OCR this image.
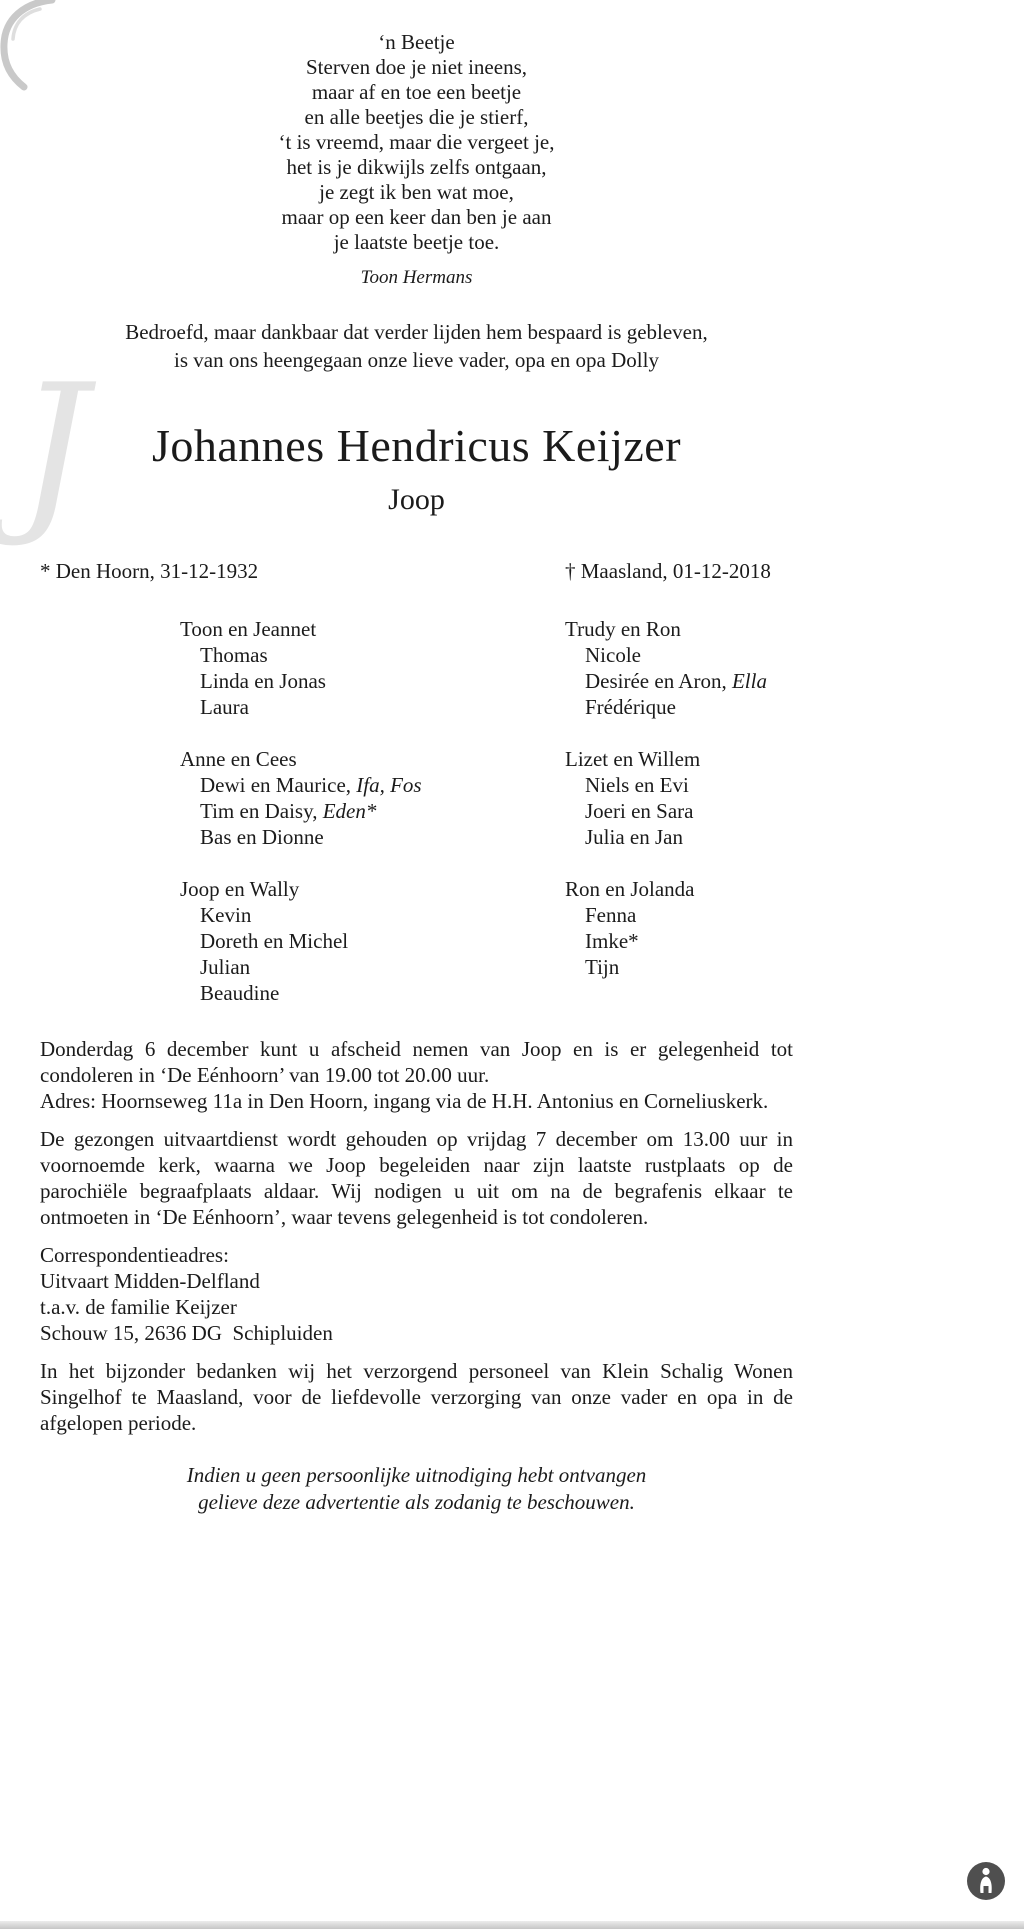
‘n Beetje
Sterven doe je niet ineens,
maar af en toe een beetje
en alle beetjes die je stierf,
‘t is vreemd, maar die vergeet je,
het is je dikwijls zelfs ontgaan,
je zegt ik ben wat moe,
maar op een keer dan ben je aan
je laatste beetje toe.
Toon Hermans
Bedroefd, maar dankbaar dat verder lijden hem bespaard is gebleven,
is van ons heengegaan onze lieve vader, opa en opa Dolly
J	Johannes Hendricus Keijzer
Joop
* Den Hoorn, 31-12-1932	† Maasland, 01-12-2018
Toon en Jeannet
Thomas
Linda en Jonas
Laura
Anne en Cees
Dewi en Maurice, Ifa, Fos
Tim en Daisy, Eden*
Bas en Dionne
Joop en Wally
Kevin
Doreth en Michel
Julian
Beaudine
Trudy en Ron
Nicole
Desirée en Aron, Ella
Frédérique
Lizet en Willem
Niels en Evi
Joeri en Sara
Julia en Jan
Ron en Jolanda
Fenna
Imke*
Tijn
Donderdag 6 december kunt u afscheid nemen van Joop en is er gelegenheid tot condoleren in ‘De Eénhoorn’ van 19.00 tot 20.00 uur.
Adres: Hoornseweg 11a in Den Hoorn, ingang via de H.H. Antonius en Corneliuskerk.
De gezongen uitvaartdienst wordt gehouden op vrijdag 7 december om 13.00 uur in voornoemde kerk, waarna we Joop begeleiden naar zijn laatste rustplaats op de parochiële begraafplaats aldaar. Wij nodigen u uit om na de begrafenis elkaar te ontmoeten in ‘De Eénhoorn’, waar tevens gelegenheid is tot condoleren.
Correspondentieadres:
Uitvaart Midden-Delfland
t.a.v. de familie Keijzer
Schouw 15, 2636 DG  Schipluiden
In het bijzonder bedanken wij het verzorgend personeel van Klein Schalig Wonen Singelhof te Maasland, voor de liefdevolle verzorging van onze vader en opa in de afgelopen periode.
Indien u geen persoonlijke uitnodiging hebt ontvangen
gelieve deze advertentie als zodanig te beschouwen.
